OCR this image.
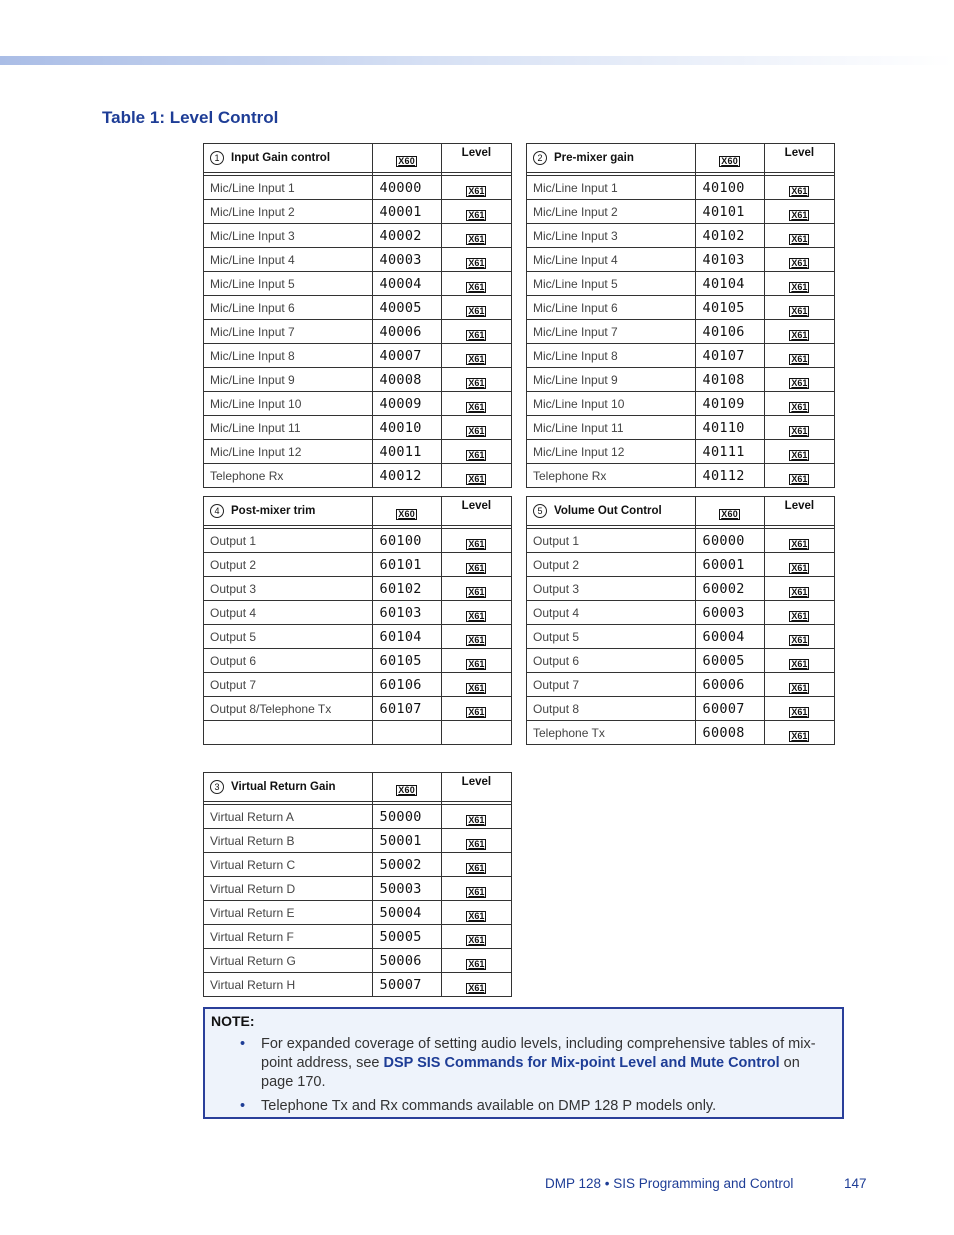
Table 1: Level Control
1 Input Gain control	X60	Level

Mic/Line Input 1	40000	X61
Mic/Line Input 2	40001	X61
Mic/Line Input 3	40002	X61
Mic/Line Input 4	40003	X61
Mic/Line Input 5	40004	X61
Mic/Line Input 6	40005	X61
Mic/Line Input 7	40006	X61
Mic/Line Input 8	40007	X61
Mic/Line Input 9	40008	X61
Mic/Line Input 10	40009	X61
Mic/Line Input 11	40010	X61
Mic/Line Input 12	40011	X61
Telephone Rx	40012	X61
2 Pre-mixer gain	X60	Level

Mic/Line Input 1	40100	X61
Mic/Line Input 2	40101	X61
Mic/Line Input 3	40102	X61
Mic/Line Input 4	40103	X61
Mic/Line Input 5	40104	X61
Mic/Line Input 6	40105	X61
Mic/Line Input 7	40106	X61
Mic/Line Input 8	40107	X61
Mic/Line Input 9	40108	X61
Mic/Line Input 10	40109	X61
Mic/Line Input 11	40110	X61
Mic/Line Input 12	40111	X61
Telephone Rx	40112	X61
4 Post-mixer trim	X60	Level

Output 1	60100	X61
Output 2	60101	X61
Output 3	60102	X61
Output 4	60103	X61
Output 5	60104	X61
Output 6	60105	X61
Output 7	60106	X61
Output 8/Telephone Tx	60107	X61

5 Volume Out Control	X60	Level

Output 1	60000	X61
Output 2	60001	X61
Output 3	60002	X61
Output 4	60003	X61
Output 5	60004	X61
Output 6	60005	X61
Output 7	60006	X61
Output 8	60007	X61
Telephone Tx	60008	X61
3 Virtual Return Gain	X60	Level

Virtual Return A	50000	X61
Virtual Return B	50001	X61
Virtual Return C	50002	X61
Virtual Return D	50003	X61
Virtual Return E	50004	X61
Virtual Return F	50005	X61
Virtual Return G	50006	X61
Virtual Return H	50007	X61
NOTE:
• For expanded coverage of setting audio levels, including comprehensive tables of mix-point address, see DSP SIS Commands for Mix-point Level and Mute Control on page 170.
• Telephone Tx and Rx commands available on DMP 128 P models only.
DMP 128 • SIS Programming and Control	147
